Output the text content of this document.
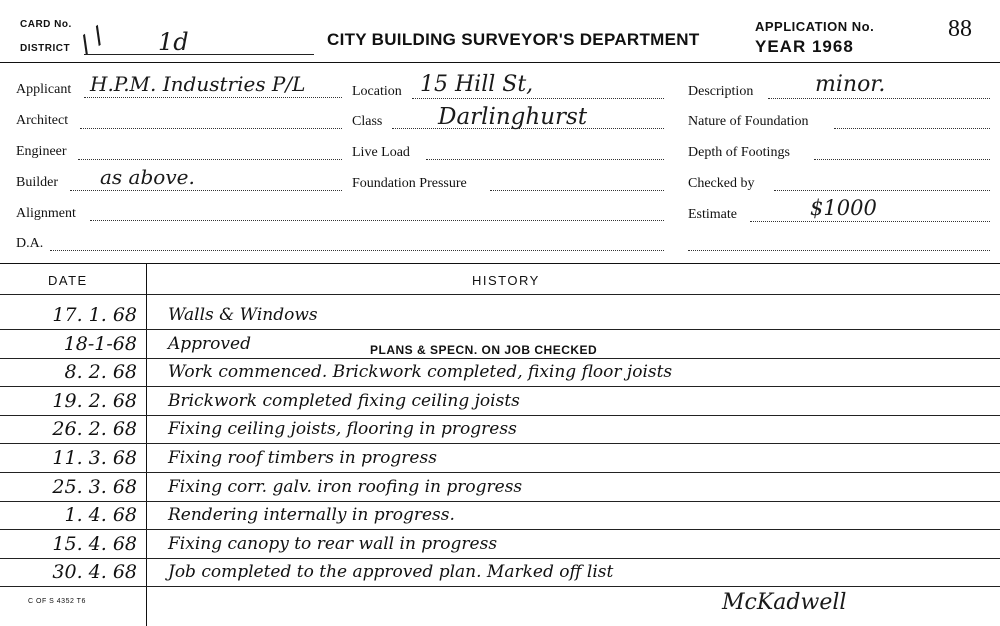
CARD No.
DISTRICT / / 1d	CITY BUILDING SURVEYOR'S DEPARTMENT
APPLICATION No.	88
YEAR 1968
Applicant H.P.M. Industries P/L
Architect
Engineer
Builder as above.
Alignment
D.A.
Location 15 Hill St,
Class Darlinghurst
Live Load
Foundation Pressure
Description	minor.
Nature of Foundation
Depth of Footings
Checked by
Estimate	$1000
DATE	HISTORY
17. 1. 68 Walls & Windows
18-1-68 Approved
8. 2. 68 Work commenced. Brickwork completed, fixing floor joists
19. 2. 68 Brickwork completed fixing ceiling joists
26. 2. 68 Fixing ceiling joists, flooring in progress
11. 3. 68 Fixing roof timbers in progress
25. 3. 68 Fixing corr. galv. iron roofing in progress
1. 4. 68 Rendering internally in progress.
15. 4. 68 Fixing canopy to rear wall in progress
30. 4. 68 Job completed to the approved plan. Marked off list
PLANS & SPECN. ON JOB CHECKED
McKadwell
C OF S 4352 T6
